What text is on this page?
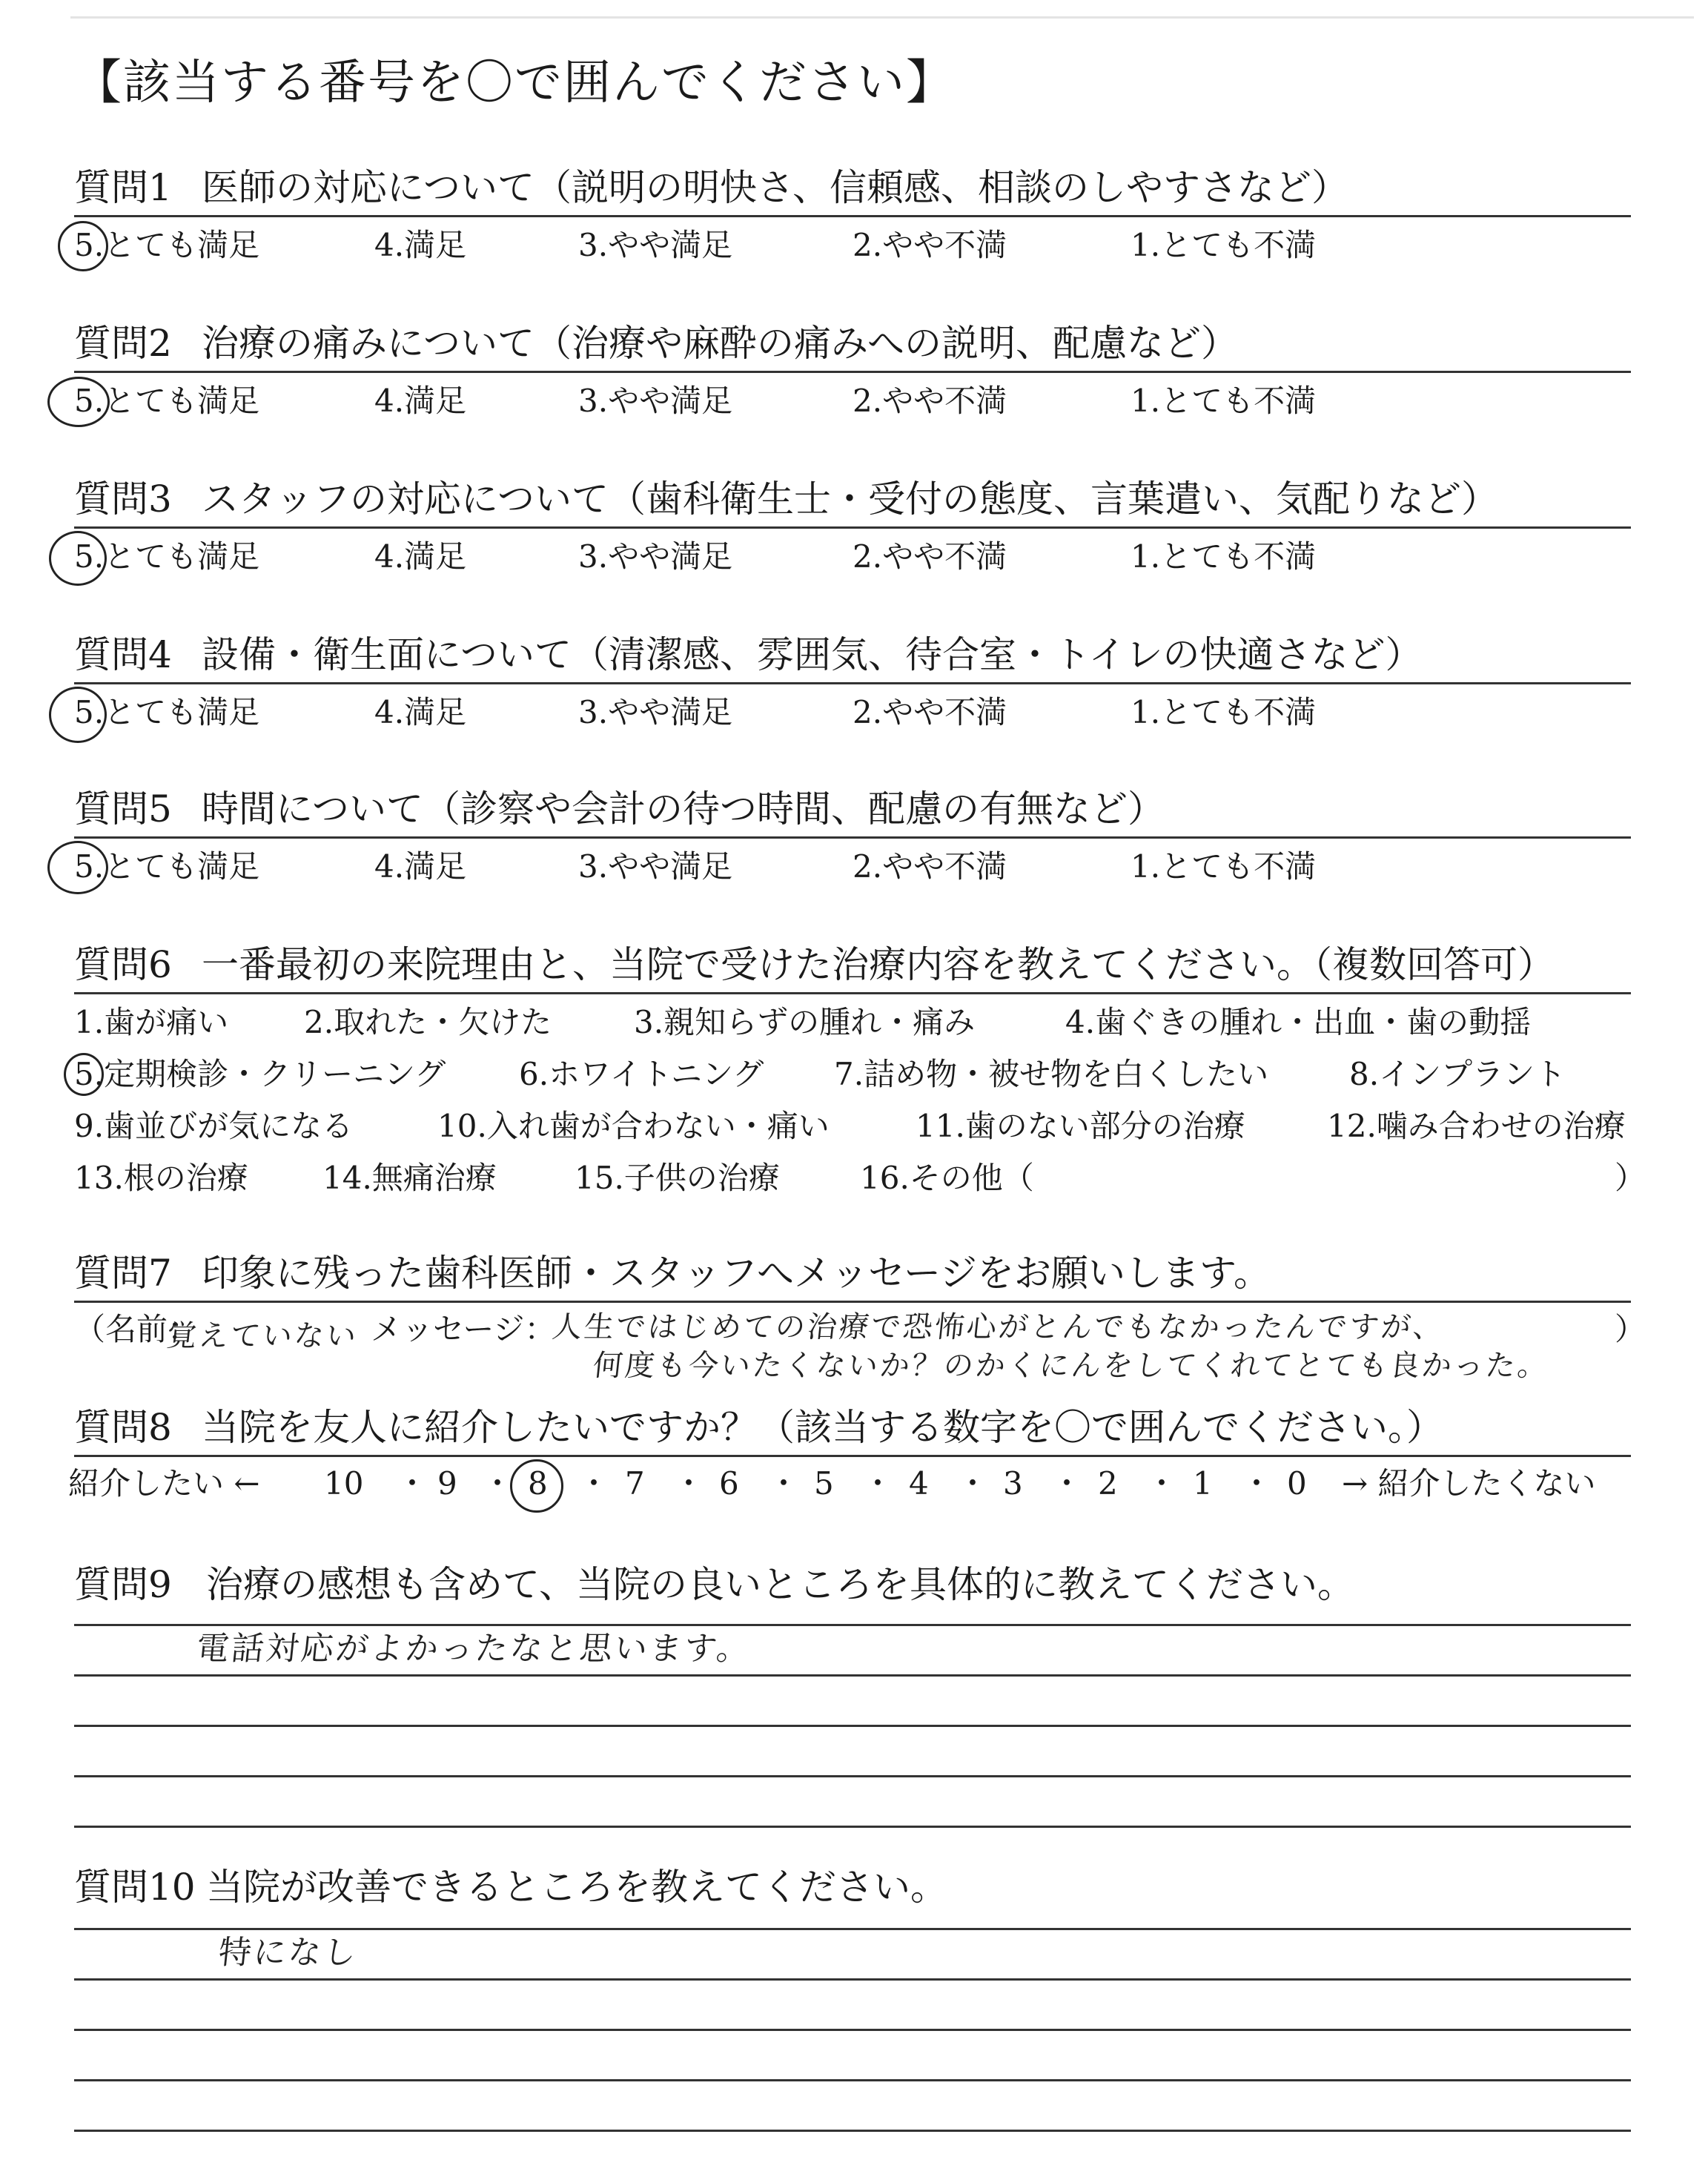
【該当する番号を〇で囲んでください】
質問1 医師の対応について（説明の明快さ、信頼感、相談のしやすさなど）
5.とても満足	4.満足	3.やや満足	2.やや不満	1.とても不満
質問2 治療の痛みについて（治療や麻酔の痛みへの説明、配慮など）
5.とても満足	4.満足	3.やや満足	2.やや不満	1.とても不満
質問3 スタッフの対応について（歯科衛生士・受付の態度、言葉遣い、気配りなど）
5.とても満足	4.満足	3.やや満足	2.やや不満	1.とても不満
質問4 設備・衛生面について（清潔感、雰囲気、待合室・トイレの快適さなど）
5.とても満足	4.満足	3.やや満足	2.やや不満	1.とても不満
質問5 時間について（診察や会計の待つ時間、配慮の有無など）
5.とても満足	4.満足	3.やや満足	2.やや不満	1.とても不満
質問6 一番最初の来院理由と、当院で受けた治療内容を教えてください。（複数回答可）
1.歯が痛い 2.取れた・欠けた	3.親知らずの腫れ・痛み	4.歯ぐきの腫れ・出血・歯の動揺
5.定期検診・クリーニング 6.ホワイトニング 7.詰め物・被せ物を白くしたい	8.インプラント
9.歯並びが気になる	10.入れ歯が合わない・痛い	11.歯のない部分の治療	12.噛み合わせの治療
13.根の治療 14.無痛治療	15.子供の治療	16.その他（	）
質問7 印象に残った歯科医師・スタッフへメッセージをお願いします。
（名前：
覚えていない メッセージ：
人生ではじめての治療で恐怖心がとんでもなかったんですが、
何度も今いたくないか？のかくにんをしてくれてとても良かった。
）
質問8 当院を友人に紹介したいですか？（該当する数字を〇で囲んでください。）
紹介したい ← 10 ・ 9 ・ 8 ・ 7 ・ 6 ・ 5 ・ 4 ・ 3 ・ 2 ・ 1 ・ 0 → 紹介したくない
質問9 治療の感想も含めて、当院の良いところを具体的に教えてください。
電話対応がよかったなと思います。
質問10 当院が改善できるところを教えてください。
特になし
